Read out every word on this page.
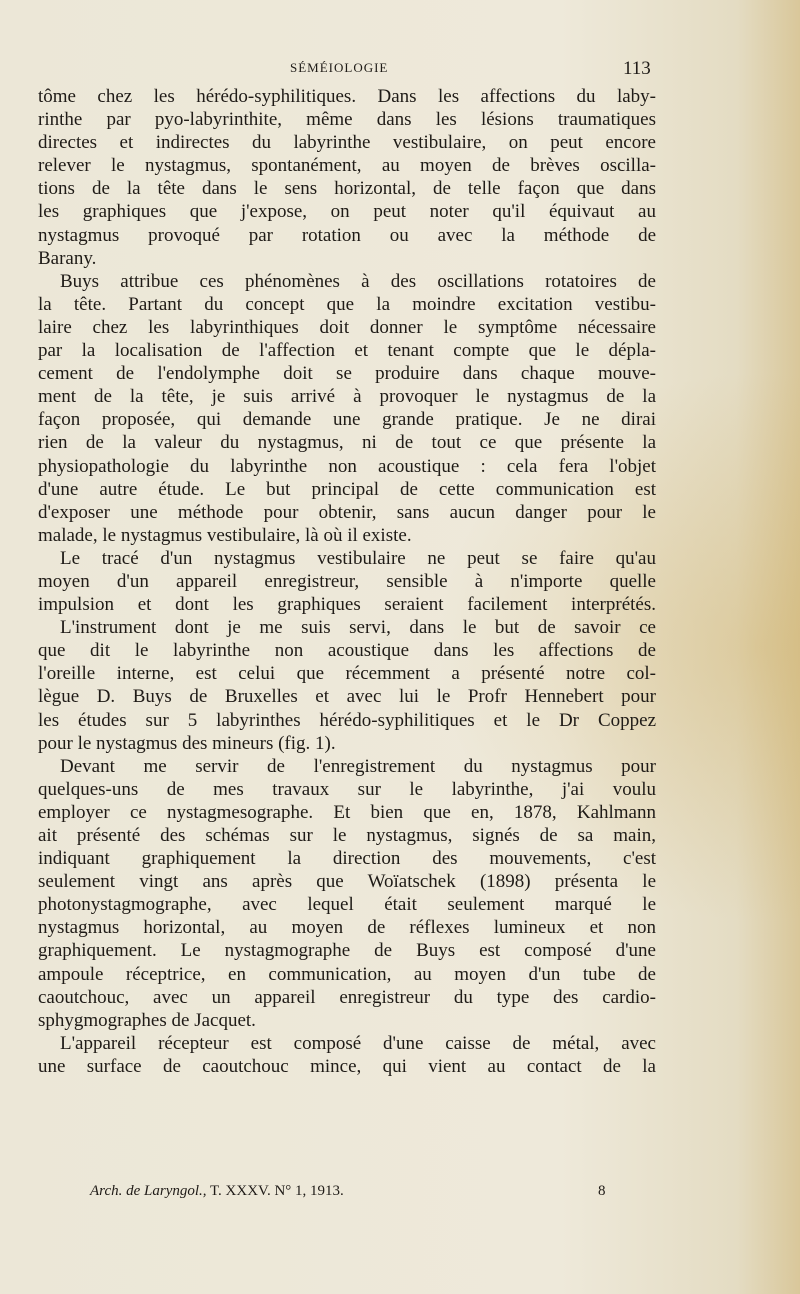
SÉMÉIOLOGIE	113
tôme chez les hérédo-syphilitiques. Dans les affections du laby-
rinthe par pyo-labyrinthite, même dans les lésions traumatiques
directes et indirectes du labyrinthe vestibulaire, on peut encore
relever le nystagmus, spontanément, au moyen de brèves oscilla-
tions de la tête dans le sens horizontal, de telle façon que dans
les graphiques que j'expose, on peut noter qu'il équivaut au
nystagmus provoqué par rotation ou avec la méthode de
Barany.
Buys attribue ces phénomènes à des oscillations rotatoires de
la tête. Partant du concept que la moindre excitation vestibu-
laire chez les labyrinthiques doit donner le symptôme nécessaire
par la localisation de l'affection et tenant compte que le dépla-
cement de l'endolymphe doit se produire dans chaque mouve-
ment de la tête, je suis arrivé à provoquer le nystagmus de la
façon proposée, qui demande une grande pratique. Je ne dirai
rien de la valeur du nystagmus, ni de tout ce que présente la
physiopathologie du labyrinthe non acoustique : cela fera l'objet
d'une autre étude. Le but principal de cette communication est
d'exposer une méthode pour obtenir, sans aucun danger pour le
malade, le nystagmus vestibulaire, là où il existe.
Le tracé d'un nystagmus vestibulaire ne peut se faire qu'au
moyen d'un appareil enregistreur, sensible à n'importe quelle
impulsion et dont les graphiques seraient facilement interprétés.
L'instrument dont je me suis servi, dans le but de savoir ce
que dit le labyrinthe non acoustique dans les affections de
l'oreille interne, est celui que récemment a présenté notre col-
lègue D. Buys de Bruxelles et avec lui le Profr Hennebert pour
les études sur 5 labyrinthes hérédo-syphilitiques et le Dr Coppez
pour le nystagmus des mineurs (fig. 1).
Devant me servir de l'enregistrement du nystagmus pour
quelques-uns de mes travaux sur le labyrinthe, j'ai voulu
employer ce nystagmesographe. Et bien que en, 1878, Kahlmann
ait présenté des schémas sur le nystagmus, signés de sa main,
indiquant graphiquement la direction des mouvements, c'est
seulement vingt ans après que Woïatschek (1898) présenta le
photonystagmographe, avec lequel était seulement marqué le
nystagmus horizontal, au moyen de réflexes lumineux et non
graphiquement. Le nystagmographe de Buys est composé d'une
ampoule réceptrice, en communication, au moyen d'un tube de
caoutchouc, avec un appareil enregistreur du type des cardio-
sphygmographes de Jacquet.
L'appareil récepteur est composé d'une caisse de métal, avec
une surface de caoutchouc mince, qui vient au contact de la
Arch. de Laryngol., T. XXXV. N° 1, 1913.	8
